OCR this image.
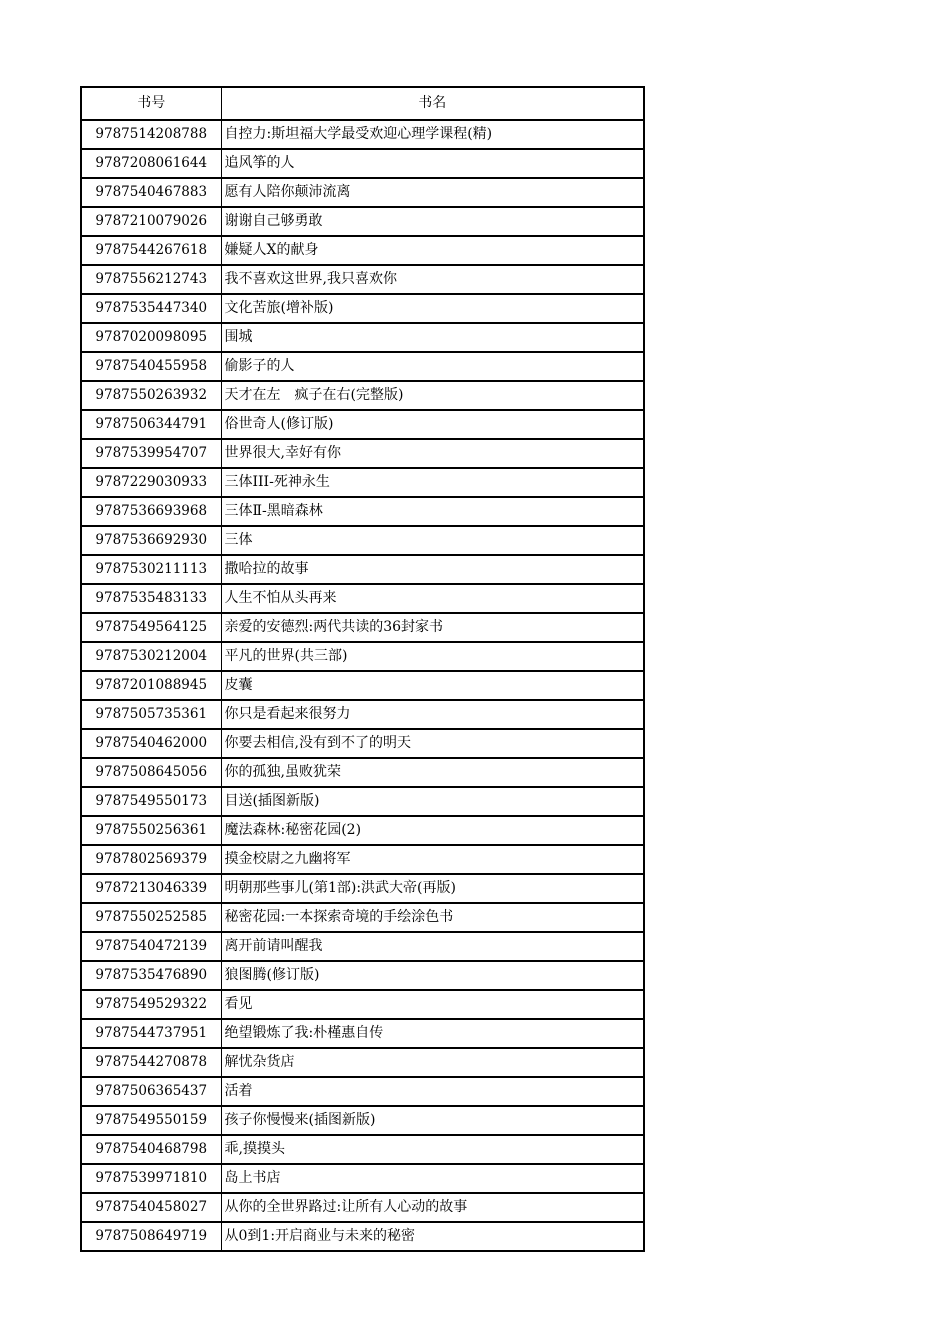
书号	书名
9787514208788	自控力:斯坦福大学最受欢迎心理学课程(精)
9787208061644	追风筝的人
9787540467883	愿有人陪你颠沛流离
9787210079026	谢谢自己够勇敢
9787544267618	嫌疑人X的献身
9787556212743	我不喜欢这世界,我只喜欢你
9787535447340	文化苦旅(增补版)
9787020098095	围城
9787540455958	偷影子的人
9787550263932	天才在左　疯子在右(完整版)
9787506344791	俗世奇人(修订版)
9787539954707	世界很大,幸好有你
9787229030933	三体III-死神永生
9787536693968	三体Ⅱ-黑暗森林
9787536692930	三体
9787530211113	撒哈拉的故事
9787535483133	人生不怕从头再来
9787549564125	亲爱的安德烈:两代共读的36封家书
9787530212004	平凡的世界(共三部)
9787201088945	皮囊
9787505735361	你只是看起来很努力
9787540462000	你要去相信,没有到不了的明天
9787508645056	你的孤独,虽败犹荣
9787549550173	目送(插图新版)
9787550256361	魔法森林:秘密花园(2)
9787802569379	摸金校尉之九幽将军
9787213046339	明朝那些事儿(第1部):洪武大帝(再版)
9787550252585	秘密花园:一本探索奇境的手绘涂色书
9787540472139	离开前请叫醒我
9787535476890	狼图腾(修订版)
9787549529322	看见
9787544737951	绝望锻炼了我:朴槿惠自传
9787544270878	解忧杂货店
9787506365437	活着
9787549550159	孩子你慢慢来(插图新版)
9787540468798	乖,摸摸头
9787539971810	岛上书店
9787540458027	从你的全世界路过:让所有人心动的故事
9787508649719	从0到1:开启商业与未来的秘密
